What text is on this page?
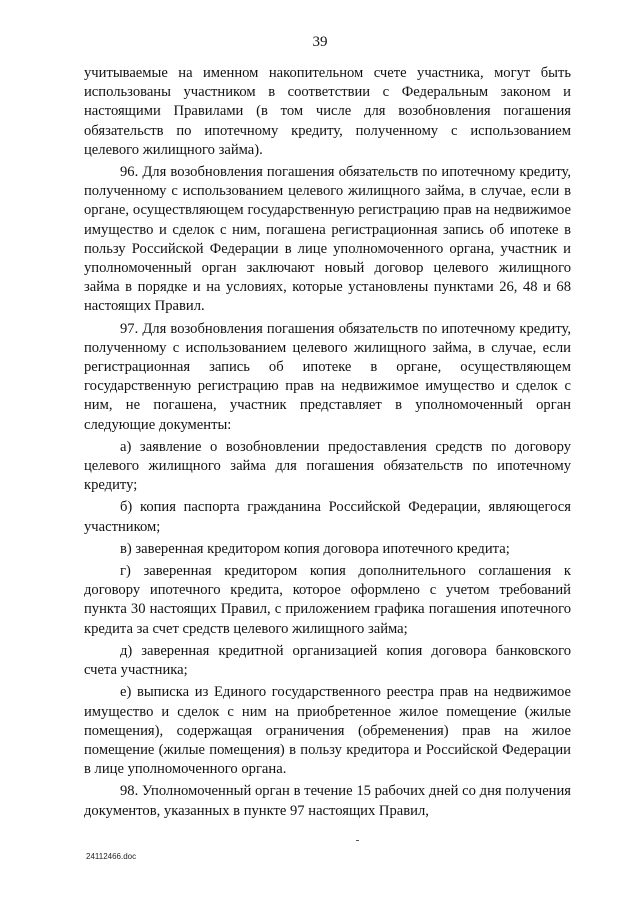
39

учитываемые на именном накопительном счете участника, могут быть использованы участником в соответствии с Федеральным законом и настоящими Правилами (в том числе для возобновления погашения обязательств по ипотечному кредиту, полученному с использованием целевого жилищного займа).

96. Для возобновления погашения обязательств по ипотечному кредиту, полученному с использованием целевого жилищного займа, в случае, если в органе, осуществляющем государственную регистрацию прав на недвижимое имущество и сделок с ним, погашена регистрационная запись об ипотеке в пользу Российской Федерации в лице уполномоченного органа, участник и уполномоченный орган заключают новый договор целевого жилищного займа в порядке и на условиях, которые установлены пунктами 26, 48 и 68 настоящих Правил.

97. Для возобновления погашения обязательств по ипотечному кредиту, полученному с использованием целевого жилищного займа, в случае, если регистрационная запись об ипотеке в органе, осуществляющем государственную регистрацию прав на недвижимое имущество и сделок с ним, не погашена, участник представляет в уполномоченный орган следующие документы:

а) заявление о возобновлении предоставления средств по договору целевого жилищного займа для погашения обязательств по ипотечному кредиту;

б) копия паспорта гражданина Российской Федерации, являющегося участником;

в) заверенная кредитором копия договора ипотечного кредита;

г) заверенная кредитором копия дополнительного соглашения к договору ипотечного кредита, которое оформлено с учетом требований пункта 30 настоящих Правил, с приложением графика погашения ипотечного кредита за счет средств целевого жилищного займа;

д) заверенная кредитной организацией копия договора банковского счета участника;

е) выписка из Единого государственного реестра прав на недвижимое имущество и сделок с ним на приобретенное жилое помещение (жилые помещения), содержащая ограничения (обременения) прав на жилое помещение (жилые помещения) в пользу кредитора и Российской Федерации в лице уполномоченного органа.

98. Уполномоченный орган в течение 15 рабочих дней со дня получения документов, указанных в пункте 97 настоящих Правил,

24112466.doc
